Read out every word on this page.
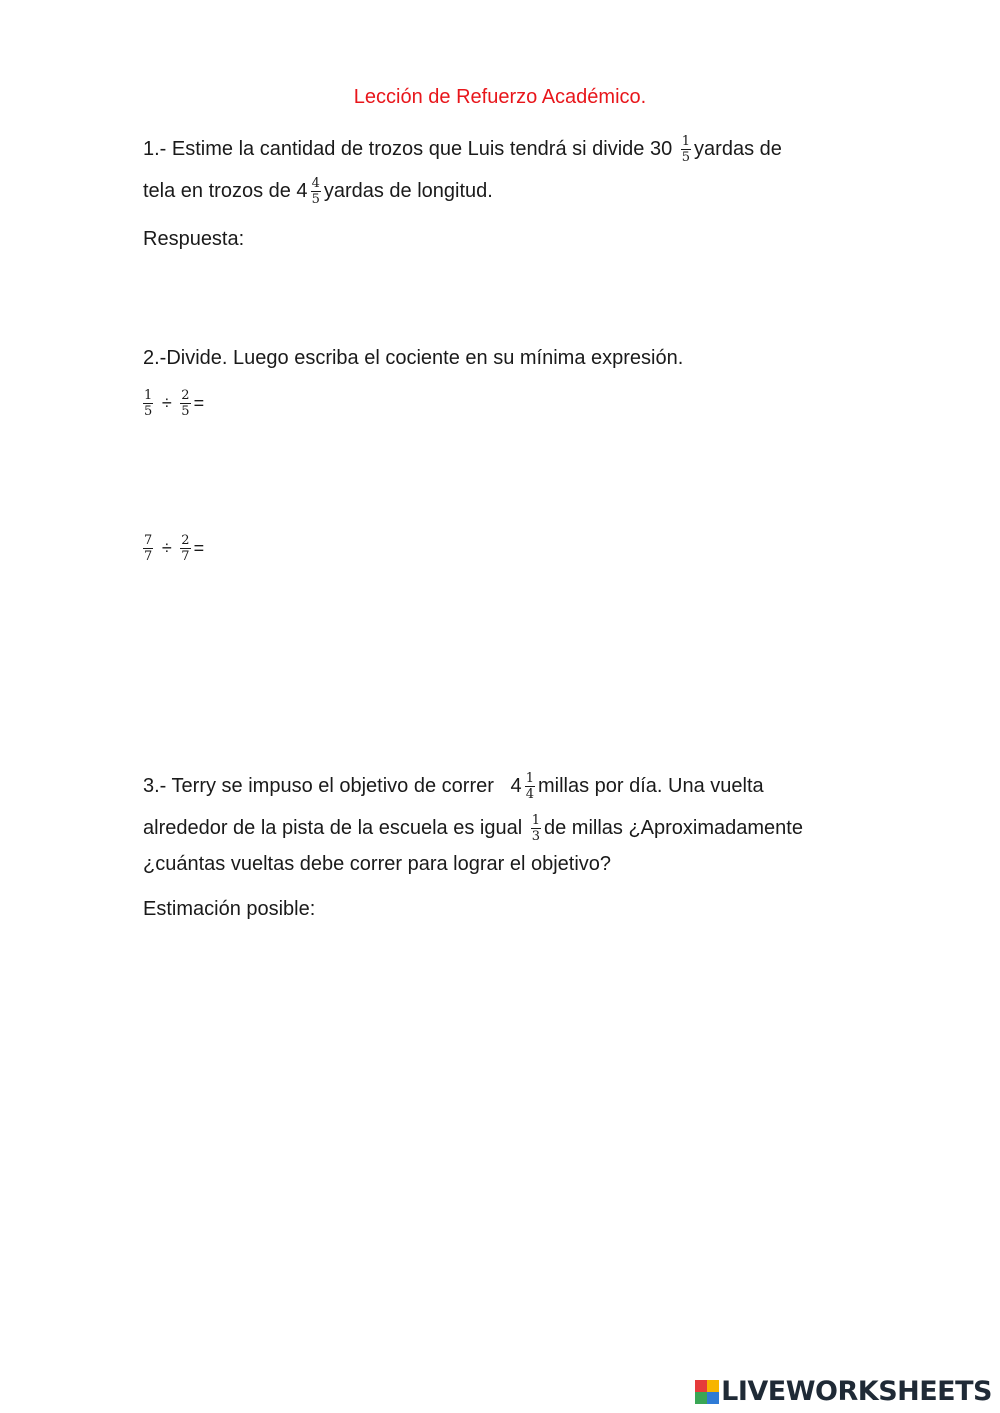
Lección de Refuerzo Académico.
1.- Estime la cantidad de trozos que Luis tendrá si divide $30 \frac{1}{5}$ yardas de
tela en trozos de $4 \frac{4}{5}$ yardas de longitud.
Respuesta:
2.-Divide. Luego escriba el cociente en su mínima expresión.
$\frac{1}{5} \div \frac{2}{5}$ =
$\frac{7}{7} \div \frac{2}{7}$ =
3.- Terry se impuso el objetivo de correr   $4 \frac{1}{4}$ millas por día. Una vuelta
alrededor de la pista de la escuela es igual $\frac{1}{3}$ de millas ¿Aproximadamente
¿cuántas vueltas debe correr para lograr el objetivo?
Estimación posible:
LIVEWORKSHEETS
